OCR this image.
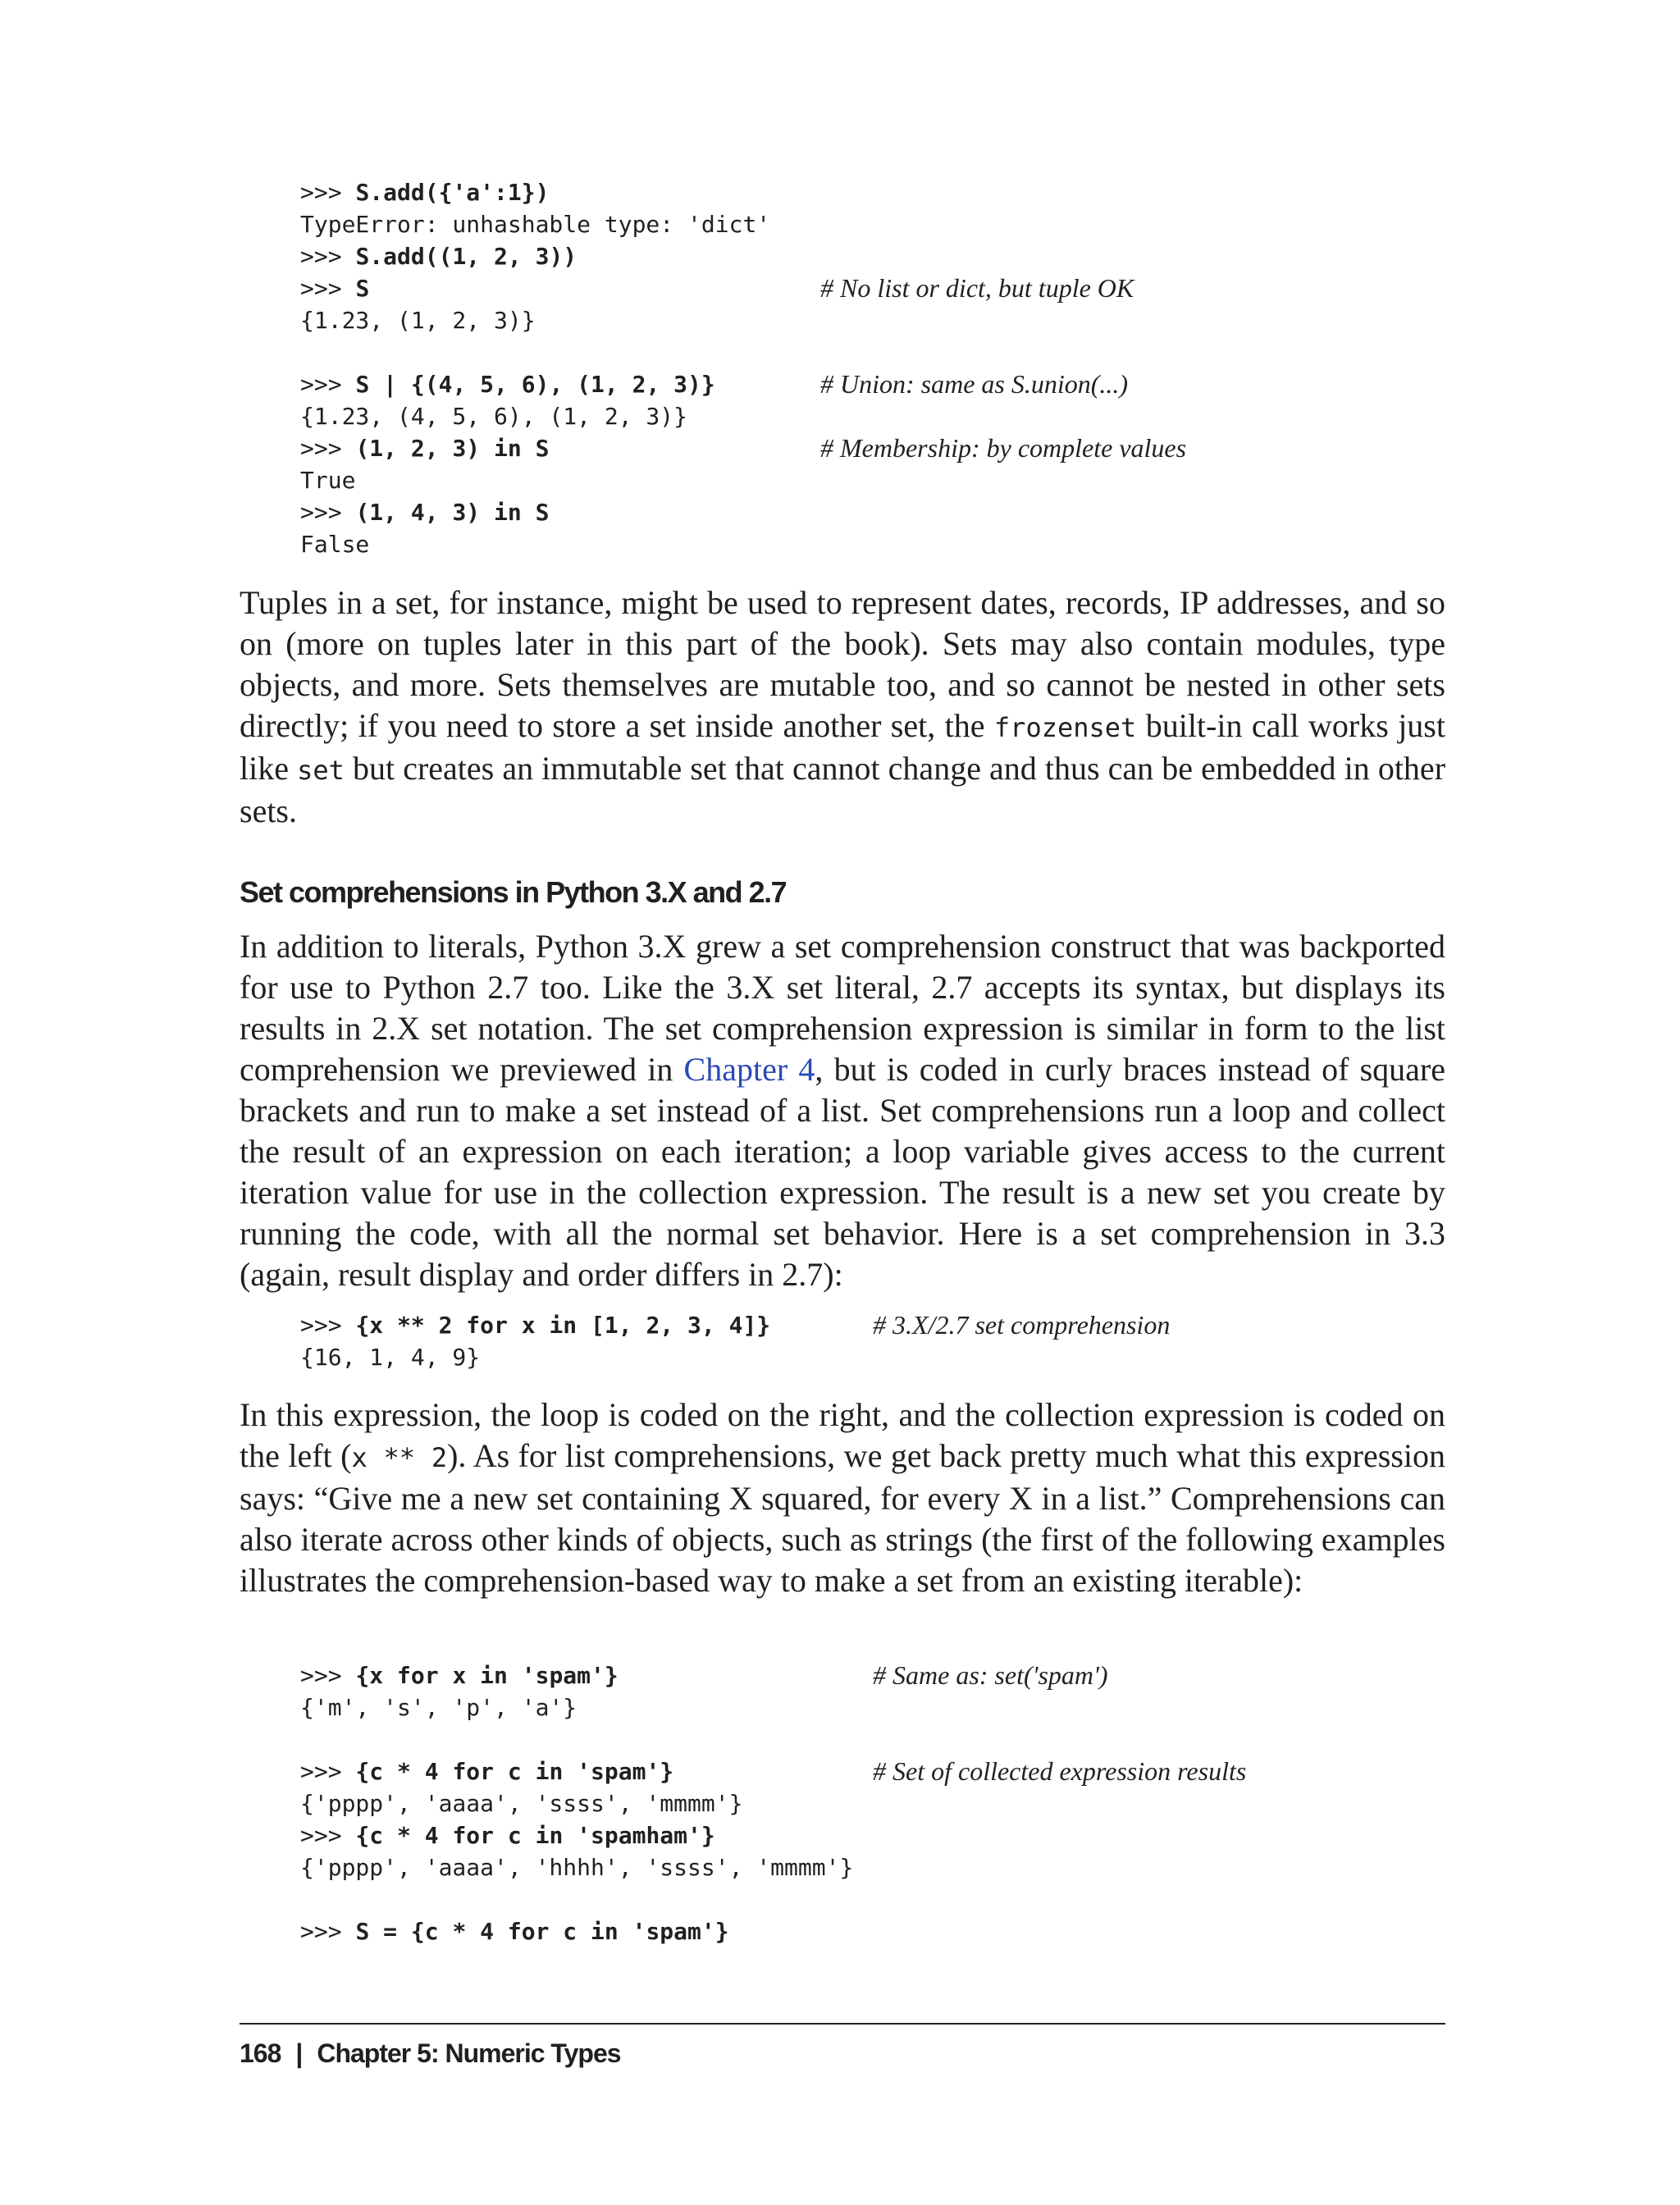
>>> S.add({'a':1})
TypeError: unhashable type: 'dict'
>>> S.add((1, 2, 3))
>>> S	# No list or dict, but tuple OK
{1.23, (1, 2, 3)}
>>> S | {(4, 5, 6), (1, 2, 3)}	# Union: same as S.union(...)
{1.23, (4, 5, 6), (1, 2, 3)}
>>> (1, 2, 3) in S	# Membership: by complete values
True
>>> (1, 4, 3) in S
False
Tuples in a set, for instance, might be used to represent dates, records, IP addresses, and so on (more on tuples later in this part of the book). Sets may also contain modules, type objects, and more. Sets themselves are mutable too, and so cannot be nested in other sets directly; if you need to store a set inside another set, the frozenset built-in call works just like set but creates an immutable set that cannot change and thus can be embedded in other sets.
Set comprehensions in Python 3.X and 2.7
In addition to literals, Python 3.X grew a set comprehension construct that was backported for use to Python 2.7 too. Like the 3.X set literal, 2.7 accepts its syntax, but displays its results in 2.X set notation. The set comprehension expression is similar in form to the list comprehension we previewed in Chapter 4, but is coded in curly braces instead of square brackets and run to make a set instead of a list. Set comprehensions run a loop and collect the result of an expression on each iteration; a loop variable gives access to the current iteration value for use in the collection expression. The result is a new set you create by running the code, with all the normal set behavior. Here is a set comprehension in 3.3 (again, result display and order differs in 2.7):
>>> {x ** 2 for x in [1, 2, 3, 4]}	# 3.X/2.7 set comprehension
{16, 1, 4, 9}
In this expression, the loop is coded on the right, and the collection expression is coded on the left (x ** 2). As for list comprehensions, we get back pretty much what this expression says: “Give me a new set containing X squared, for every X in a list.” Comprehensions can also iterate across other kinds of objects, such as strings (the first of the following examples illustrates the comprehension-based way to make a set from an existing iterable):
>>> {x for x in 'spam'}	# Same as: set('spam')
{'m', 's', 'p', 'a'}
>>> {c * 4 for c in 'spam'}	# Set of collected expression results
{'pppp', 'aaaa', 'ssss', 'mmmm'}
>>> {c * 4 for c in 'spamham'}
{'pppp', 'aaaa', 'hhhh', 'ssss', 'mmmm'}
>>> S = {c * 4 for c in 'spam'}
168 | Chapter 5: Numeric Types
